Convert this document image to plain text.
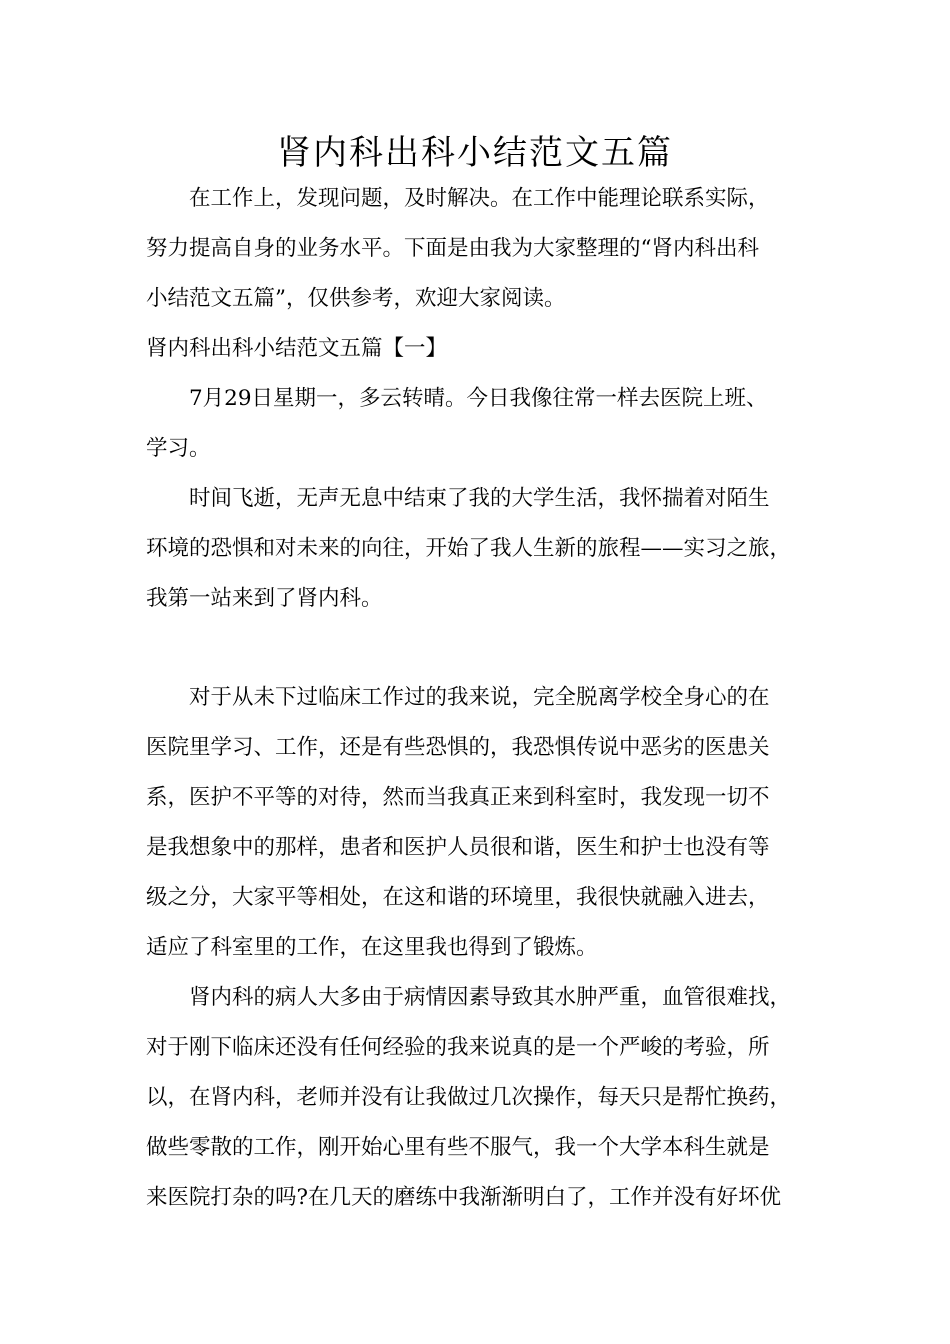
肾内科出科小结范文五篇
在工作上，发现问题，及时解决。在工作中能理论联系实际，
努力提高自身的业务水平。下面是由我为大家整理的“肾内科出科
小结范文五篇”，仅供参考，欢迎大家阅读。
肾内科出科小结范文五篇【一】
7月29日星期一，多云转晴。今日我像往常一样去医院上班、
学习。
时间飞逝，无声无息中结束了我的大学生活，我怀揣着对陌生
环境的恐惧和对未来的向往，开始了我人生新的旅程——实习之旅，
我第一站来到了肾内科。
对于从未下过临床工作过的我来说，完全脱离学校全身心的在
医院里学习、工作，还是有些恐惧的，我恐惧传说中恶劣的医患关
系，医护不平等的对待，然而当我真正来到科室时，我发现一切不
是我想象中的那样，患者和医护人员很和谐，医生和护士也没有等
级之分，大家平等相处，在这和谐的环境里，我很快就融入进去，
适应了科室里的工作，在这里我也得到了锻炼。
肾内科的病人大多由于病情因素导致其水肿严重，血管很难找，
对于刚下临床还没有任何经验的我来说真的是一个严峻的考验，所
以，在肾内科，老师并没有让我做过几次操作，每天只是帮忙换药，
做些零散的工作，刚开始心里有些不服气，我一个大学本科生就是
来医院打杂的吗?在几天的磨练中我渐渐明白了，工作并没有好坏优
